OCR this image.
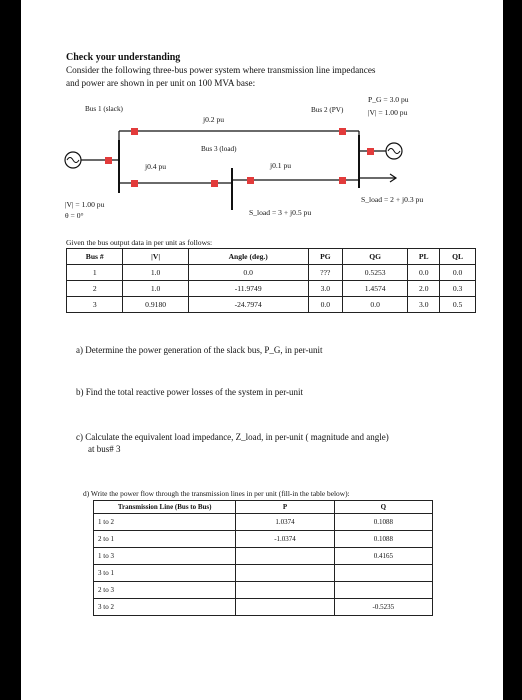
Check your understanding
Consider the following three-bus power system where transmission line impedances
and power are shown in per unit on 100 MVA base:
Bus 1 (slack)	Bus 2 (PV)
Bus 3 (load)
j0.2 pu
j0.4 pu	j0.1 pu
P_G = 3.0 pu
|V| = 1.00 pu
|V| = 1.00 pu
θ = 0°
S_load = 2 + j0.3 pu
S_load = 3 + j0.5 pu
Given the bus output data in per unit as follows:
Bus #	|V|	Angle (deg.)	PG	QG	PL	QL
1	1.0	0.0	???	0.5253	0.0	0.0
2	1.0	-11.9749	3.0	1.4574	2.0	0.3
3	0.9180	-24.7974	0.0	0.0	3.0	0.5
a) Determine the power generation of the slack bus, P_G, in per-unit
b) Find the total reactive power losses of the system in per-unit
c) Calculate the equivalent load impedance, Z_load, in per-unit ( magnitude and angle)
at bus# 3
d) Write the power flow through the transmission lines in per unit (fill-in the table below):
Transmission Line (Bus to Bus)	P	Q
1 to 2	1.0374	0.1088
2 to 1	-1.0374	0.1088
1 to 3		0.4165
3 to 1		
2 to 3		
3 to 2		-0.5235
